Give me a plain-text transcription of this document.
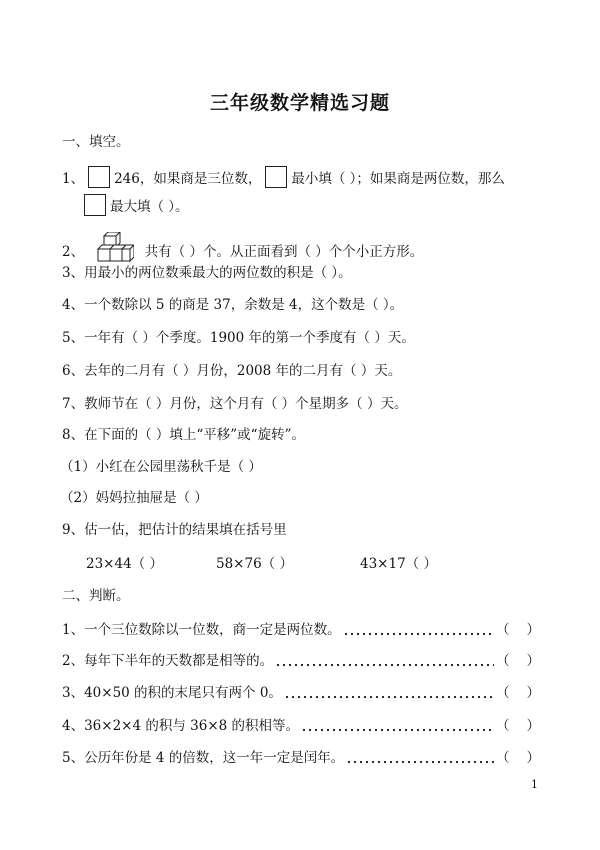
三年级数学精选习题
一、填空。
1、 246，如果商是三位数， 最小填（ ）；如果商是两位数，那么
最大填（ ）。
2、	共有（ ）个。从正面看到（ ）个个小正方形。
3、用最小的两位数乘最大的两位数的积是（ ）。
4、一个数除以 5 的商是 37，余数是 4，这个数是（ ）。
5、一年有（ ）个季度。1900 年的第一个季度有（ ）天。
6、去年的二月有（ ）月份，2008 年的二月有（ ）天。
7、教师节在（ ）月份，这个月有（ ）个星期多（ ）天。
8、在下面的（ ）填上“平移”或“旋转”。
（1）小红在公园里荡秋千是（ ）
（2）妈妈拉抽屉是（ ）
9、估一估，把估计的结果填在括号里
23×44（ ）	58×76（ ）	43×17（ ）
二、判断。
1、一个三位数除以一位数，商一定是两位数。	（ ）
2、每年下半年的天数都是相等的。	（ ）
3、40×50 的积的末尾只有两个 0。	（ ）
4、36×2×4 的积与 36×8 的积相等。	（ ）
5、公历年份是 4 的倍数，这一年一定是闰年。	（ ）
1
